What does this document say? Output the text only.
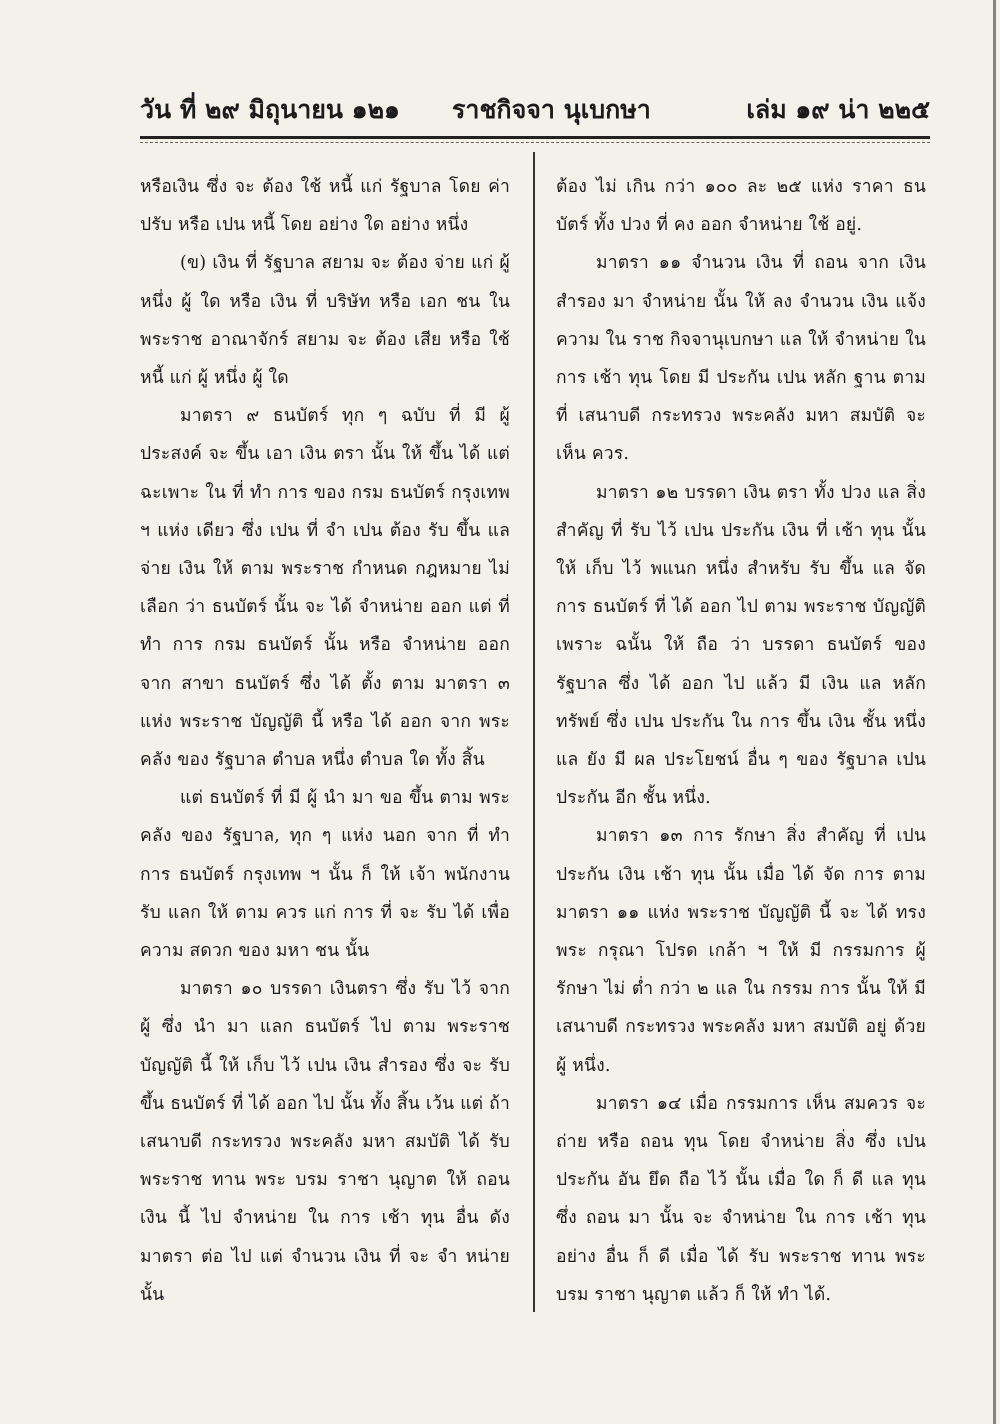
วัน ที่ ๒๙ มิถุนายน ๑๒๑ ราชกิจจา นุเบกษา	เล่ม ๑๙ น่า ๒๒๕

หรือเงิน ซึ่ง จะ ต้อง ใช้ หนี้ แก่ รัฐบาล โดย ค่าปรับ หรือ เปน หนี้ โดย อย่าง ใด อย่าง หนึ่ง

(ข) เงิน ที่ รัฐบาล สยาม จะ ต้อง จ่าย แก่ ผู้ หนึ่ง ผู้ ใด หรือ เงิน ที่ บริษัท หรือ เอก ชน ใน พระราช อาณาจักร์ สยาม จะ ต้อง เสีย หรือ ใช้ หนี้ แก่ ผู้ หนึ่ง ผู้ ใด

มาตรา ๙ ธนบัตร์ ทุก ๆ ฉบับ ที่ มี ผู้ ประสงค์ จะ ขึ้น เอา เงิน ตรา นั้น ให้ ขึ้น ได้ แต่ ฉะเพาะ ใน ที่ ทำ การ ของ กรม ธนบัตร์ กรุงเทพ ฯ แห่ง เดียว ซึ่ง เปน ที่ จำ เปน ต้อง รับ ขึ้น แล จ่าย เงิน ให้ ตาม พระราช กำหนด กฎหมาย ไม่ เลือก ว่า ธนบัตร์ นั้น จะ ได้ จำหน่าย ออก แต่ ที่ ทำ การ กรม ธนบัตร์ นั้น หรือ จำหน่าย ออก จาก สาขา ธนบัตร์ ซึ่ง ได้ ตั้ง ตาม มาตรา ๓ แห่ง พระราช บัญญัติ นี้ หรือ ได้ ออก จาก พระคลัง ของ รัฐบาล ตำบล หนึ่ง ตำบล ใด ทั้ง สิ้น

แต่ ธนบัตร์ ที่ มี ผู้ นำ มา ขอ ขึ้น ตาม พระคลัง ของ รัฐบาล, ทุก ๆ แห่ง นอก จาก ที่ ทำ การ ธนบัตร์ กรุงเทพ ฯ นั้น ก็ ให้ เจ้า พนักงาน รับ แลก ให้ ตาม ควร แก่ การ ที่ จะ รับ ได้ เพื่อ ความ สดวก ของ มหา ชน นั้น

มาตรา ๑๐ บรรดา เงินตรา ซึ่ง รับ ไว้ จาก ผู้ ซึ่ง นำ มา แลก ธนบัตร์ ไป ตาม พระราช บัญญัติ นี้ ให้ เก็บ ไว้ เปน เงิน สำรอง ซึ่ง จะ รับ ขึ้น ธนบัตร์ ที่ ได้ ออก ไป นั้น ทั้ง สิ้น เว้น แต่ ถ้า เสนาบดี กระทรวง พระคลัง มหา สมบัติ ได้ รับ พระราช ทาน พระ บรม ราชา นุญาต ให้ ถอน เงิน นี้ ไป จำหน่าย ใน การ เช้า ทุน อื่น ดัง มาตรา ต่อ ไป แต่ จำนวน เงิน ที่ จะ จำ หน่าย นั้น

ต้อง ไม่ เกิน กว่า ๑๐๐ ละ ๒๕ แห่ง ราคา ธนบัตร์ ทั้ง ปวง ที่ คง ออก จำหน่าย ใช้ อยู่.

มาตรา ๑๑ จำนวน เงิน ที่ ถอน จาก เงิน สำรอง มา จำหน่าย นั้น ให้ ลง จำนวน เงิน แจ้ง ความ ใน ราช กิจจานุเบกษา แล ให้ จำหน่าย ใน การ เช้า ทุน โดย มี ประกัน เปน หลัก ฐาน ตาม ที่ เสนาบดี กระทรวง พระคลัง มหา สมบัติ จะ เห็น ควร.

มาตรา ๑๒ บรรดา เงิน ตรา ทั้ง ปวง แล สิ่ง สำคัญ ที่ รับ ไว้ เปน ประกัน เงิน ที่ เช้า ทุน นั้น ให้ เก็บ ไว้ พแนก หนึ่ง สำหรับ รับ ขึ้น แล จัด การ ธนบัตร์ ที่ ได้ ออก ไป ตาม พระราช บัญญัติ เพราะ ฉนั้น ให้ ถือ ว่า บรรดา ธนบัตร์ ของ รัฐบาล ซึ่ง ได้ ออก ไป แล้ว มี เงิน แล หลัก ทรัพย์ ซึ่ง เปน ประกัน ใน การ ขึ้น เงิน ชั้น หนึ่ง แล ยัง มี ผล ประโยชน์ อื่น ๆ ของ รัฐบาล เปน ประกัน อีก ชั้น หนึ่ง.

มาตรา ๑๓ การ รักษา สิ่ง สำคัญ ที่ เปน ประกัน เงิน เช้า ทุน นั้น เมื่อ ได้ จัด การ ตาม มาตรา ๑๑ แห่ง พระราช บัญญัติ นี้ จะ ได้ ทรง พระ กรุณา โปรด เกล้า ฯ ให้ มี กรรมการ ผู้ รักษา ไม่ ต่ำ กว่า ๒ แล ใน กรรม การ นั้น ให้ มี เสนาบดี กระทรวง พระคลัง มหา สมบัติ อยู่ ด้วย ผู้ หนึ่ง.

มาตรา ๑๔ เมื่อ กรรมการ เห็น สมควร จะ ถ่าย หรือ ถอน ทุน โดย จำหน่าย สิ่ง ซึ่ง เปน ประกัน อัน ยึด ถือ ไว้ นั้น เมื่อ ใด ก็ ดี แล ทุน ซึ่ง ถอน มา นั้น จะ จำหน่าย ใน การ เช้า ทุน อย่าง อื่น ก็ ดี เมื่อ ได้ รับ พระราช ทาน พระ บรม ราชา นุญาต แล้ว ก็ ให้ ทำ ได้.
